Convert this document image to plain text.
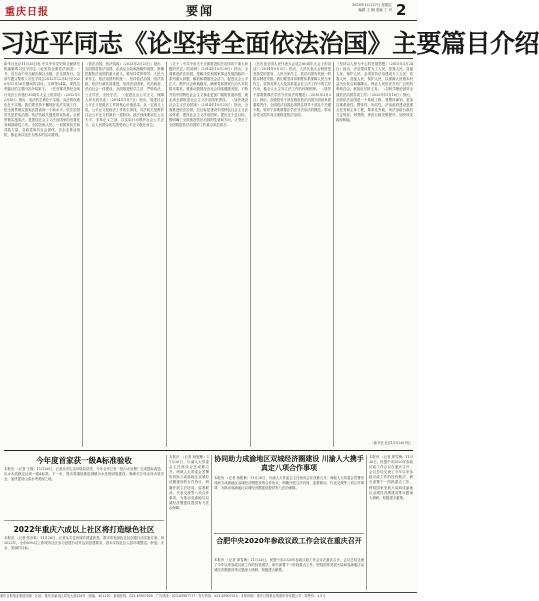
重庆日报	要闻	2020年11月27日 星期五
编辑 王 刚 美编 丁 可 2
习近平同志《论坚持全面依法治国》主要篇目介绍
新华社北京11月26日电 中共中央党史和文献研究院编辑的习近平同志《论坚持全面依法治国》一书，近日由中央文献出版社出版，在全国发行。这部专题文集收入习近平同志2012年12月4日至2020年11月16日期间的讲话、文章等54篇。现将这些篇目的主要内容介绍如下。 《在首都各界纪念现行宪法公布施行30周年大会上的讲话》（2012年12月4日）指出，宪法的生命在于实施，宪法的权威也在于实施。我们要坚持不懈抓好宪法实施工作，把全面贯彻实施宪法提高到一个新水平。依法治国首先是依宪治国，依法执政关键是依宪执政。全面贯彻实施宪法，是建设社会主义法治国家的首要任务和基础性工作。全国各族人民、一切国家机关和武装力量、各政党和各社会团体、各企业事业组织，都必须以宪法为根本的活动准则。
《依法治国，依法执政》（2013年2月23日）指出，全面推进依法治国，必须从全局和战略的高度，准确把握依法治国的重大意义。要坚持党的领导、人民当家作主、依法治国有机统一，坚持依法治国、依法执政、依法行政共同推进，坚持法治国家、法治政府、法治社会一体建设，全面推进科学立法、严格执法、公正司法、全民守法。 《促进社会公平正义，保障人民安居乐业》（2014年1月7日）指出，促进社会公平正义是政法工作的核心价值追求。从一定意义上说，公平正义是政法工作的生命线，司法机关是维护社会公平正义的最后一道防线。政法战线要肩扛公正天平、手持正义之剑，以实际行动维护社会公平正义，让人民群众切实感受到公平正义就在身边。
《关于〈中共中央关于全面推进依法治国若干重大问题的决定〉的说明》（2014年10月20日）指出，全面推进依法治国，是解决党和国家事业发展面临的一系列重大问题，解放和增强社会活力、促进社会公平正义、维护社会和谐稳定、确保党和国家长治久安的根本要求。要推动我国经济社会持续健康发展，不断开拓中国特色社会主义事业更加广阔的发展前景，就必须全面推进社会主义法治国家建设。 《加快建设社会主义法治国家》（2014年10月23日）指出，全面推进依法治国，总目标是建设中国特色社会主义法治体系，建设社会主义法治国家。提出这个总目标，既明确了全面推进依法治国的性质和方向，又突出了全面推进依法治国的工作重点和总抓手。
《在庆祝全国人民代表大会成立60周年大会上的讲话》（2014年9月5日）指出，人民代表大会制度是坚持党的领导、人民当家作主、依法治国有机统一的根本制度安排。我们要坚持用制度体系保障人民当家作主，坚持发挥人大及其常委会在立法工作中的主导作用，健全人大主导立法工作的体制机制。 《领导干部要做尊法学法守法用法的模范》（2015年2月2日）指出，各级领导干部在推进依法治国方面肩负着重要责任，全面依法治国必须抓住领导干部这个关键少数。领导干部要做尊法学法守法用法的模范，带动全党全国共同全面推进依法治国。
《坚持以人民为中心的发展思想》（2015年3月24日）指出，法治建设要为了人民、依靠人民、造福人民、保护人民。必须坚持法治建设为了人民、依靠人民、造福人民、保护人民，以保障人民根本权益为出发点和落脚点，保证人民依法享有广泛的权利和自由，承担应尽的义务。 《以科学理论指导全面依法治国各项工作》（2020年11月16日）指出，全面依法治国是一个系统工程，要整体谋划，更加注重系统性、整体性、协同性。法治政府建设是重点任务和主体工程，要率先突破，用法治给行政权力定规矩、划界限，规范行政决策程序，加快转变政府职能。
（新华社北京11月26日电）
今年度首家获一级A标准验收
本报讯 （记者 王翔）11月26日，记者从市生态环境局获悉，今年全市已有一批污水处理厂完成提标改造，出水水质稳定达到一级A标准。下一步，我市将继续推进城镇污水处理设施建设，确保长江母亲河水质安全，加快建设山清水秀美丽之地。
2022年重庆六成以上社区将打造绿色社区
本报讯 （记者 张亦筑）11月26日，记者从市住房城乡建委获悉，我市印发绿色社区创建行动实施方案。到2022年，全市60%以上的城市社区参与创建行动并达到创建要求，基本实现社区人居环境整洁、舒适、安全、美丽的目标。
本报讯 （记者 杨铌紫）11月26日，川渝人大常委会主任座谈会在成都召开。两地人大常委会签署协同助力成渝地区双城经济圈建设的合作协议，明确开展立法协同、监督联动、代表交流等八项合作事项，为推动成渝地区双城经济圈建设提供有力法治保障。
协同助力成渝地区双城经济圈建设 川渝人大携手真定八项合作事项
本报讯 （记者 杨铌紫）11月26日，川渝人大常委会主任座谈会在成都召开。两地人大常委会签署协同助力成渝地区双城经济圈建设的合作协议，明确开展立法协同、监督联动、代表交流等八项合作事项，为推动成渝地区双城经济圈建设提供有力法治保障。
合肥中央2020年参政议政工作会议在重庆召开
本报讯 （记者 廖雪梅）11月26日，民盟中央2020年参政议政工作会议在重庆召开。会议总结交流了今年以来参政议政工作的经验做法，研究部署下一阶段重点工作，围绕国家发展大局和成渝地区双城经济圈建设等议题深入调研，积极建言献策。
本报讯 （记者 廖雪梅）11月26日，民盟中央2020年参政议政工作会议在重庆召开。会议总结交流了今年以来参政议政工作的经验做法，研究部署下一阶段重点工作，围绕国家发展大局和成渝地区双城经济圈建设等议题深入调研，积极建言献策。
重庆日报报业集团出版 · 社址：重庆市渝北区同茂大道416号 · 邮编：401120 · 新闻热线：023-63907000 · 广告热线：023-63907777 · 发行热线：023-63907015 · 本报印刷：重庆日报报业集团印务有限公司 · 零售价：1.5元
